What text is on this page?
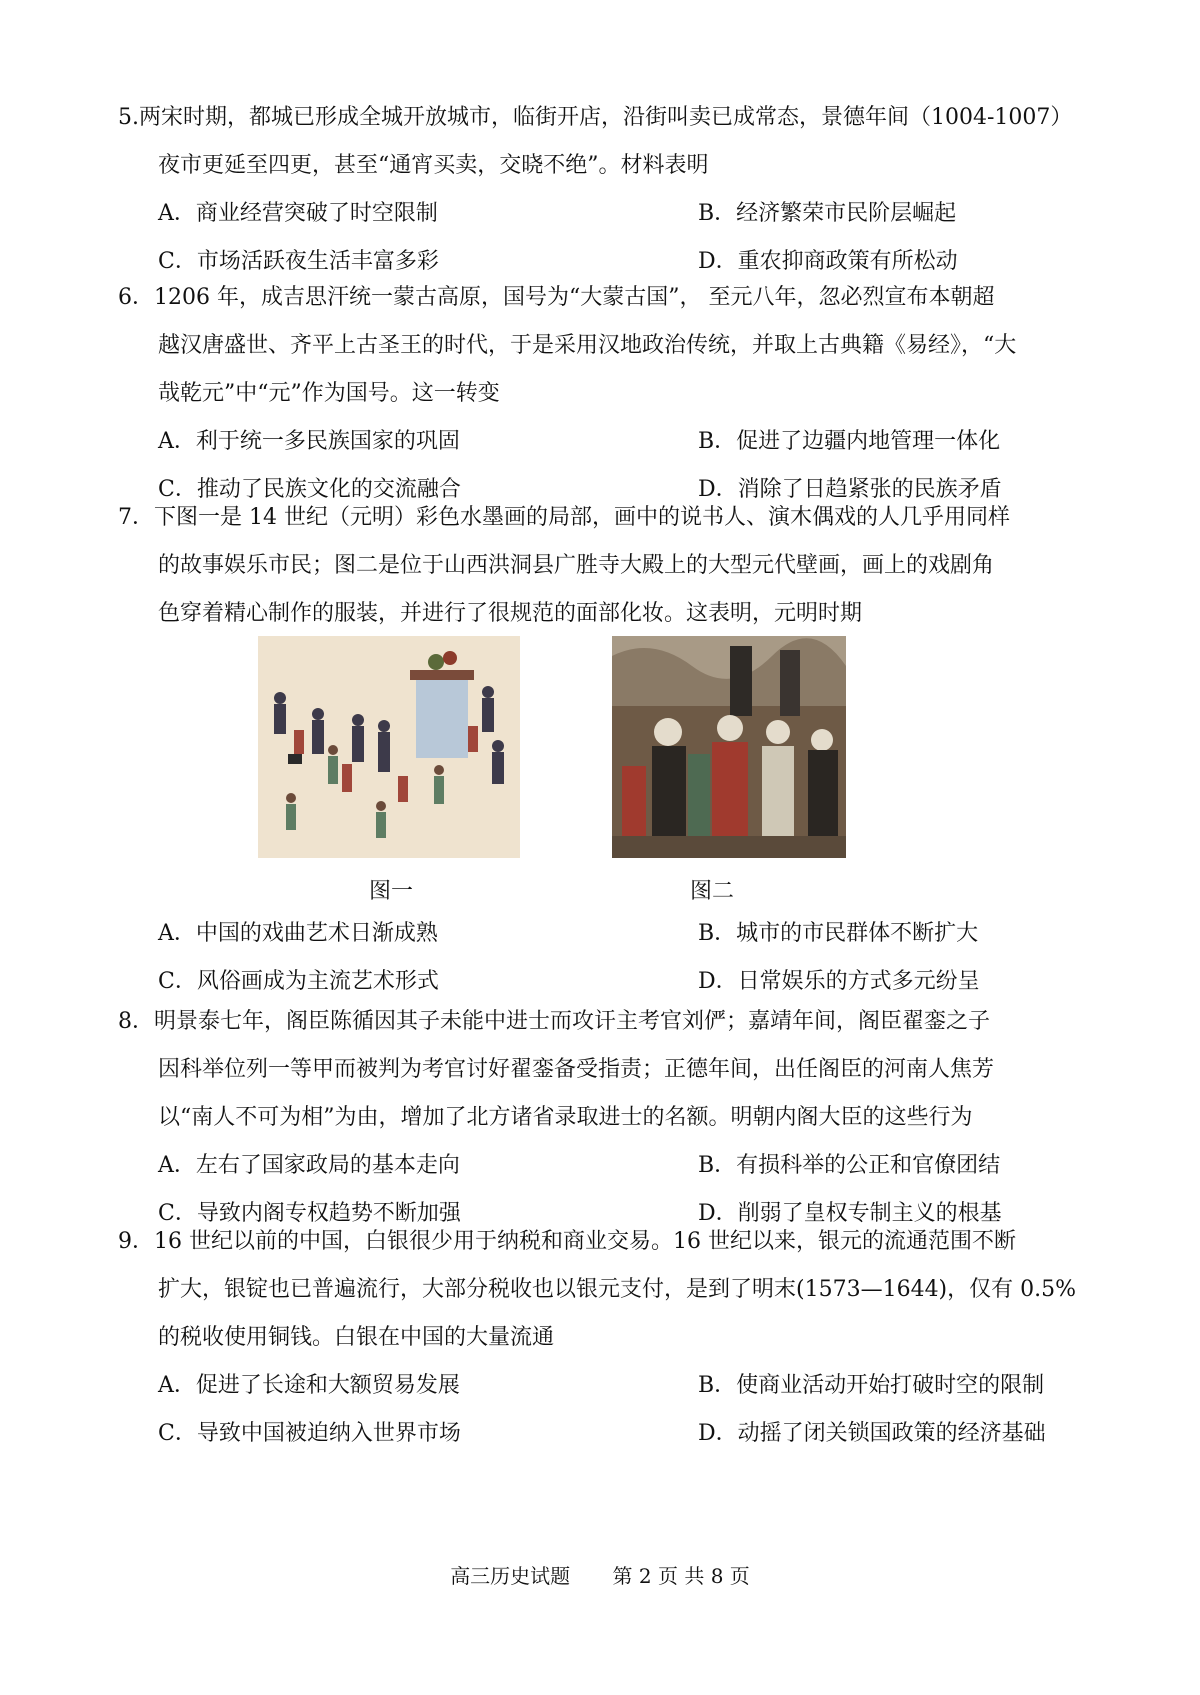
5.两宋时期，都城已形成全城开放城市，临街开店，沿街叫卖已成常态，景德年间（1004-1007）
夜市更延至四更，甚至“通宵买卖，交晓不绝”。材料表明

A．商业经营突破了时空限制	B．经济繁荣市民阶层崛起
C．市场活跃夜生活丰富多彩	D．重农抑商政策有所松动

6．1206 年，成吉思汗统一蒙古高原，国号为“大蒙古国”， 至元八年，忽必烈宣布本朝超
越汉唐盛世、齐平上古圣王的时代，于是采用汉地政治传统，并取上古典籍《易经》，“大
哉乾元”中“元”作为国号。这一转变

A．利于统一多民族国家的巩固	B．促进了边疆内地管理一体化
C．推动了民族文化的交流融合	D．消除了日趋紧张的民族矛盾

7．下图一是 14 世纪（元明）彩色水墨画的局部，画中的说书人、演木偶戏的人几乎用同样
的故事娱乐市民；图二是位于山西洪洞县广胜寺大殿上的大型元代壁画，画上的戏剧角
色穿着精心制作的服装，并进行了很规范的面部化妆。这表明，元明时期

图一	图二
A．中国的戏曲艺术日渐成熟	B．城市的市民群体不断扩大
C．风俗画成为主流艺术形式	D．日常娱乐的方式多元纷呈

8．明景泰七年，阁臣陈循因其子未能中进士而攻讦主考官刘俨；嘉靖年间，阁臣翟銮之子
因科举位列一等甲而被判为考官讨好翟銮备受指责；正德年间，出任阁臣的河南人焦芳
以“南人不可为相”为由，增加了北方诸省录取进士的名额。明朝内阁大臣的这些行为

A．左右了国家政局的基本走向	B．有损科举的公正和官僚团结
C．导致内阁专权趋势不断加强	D．削弱了皇权专制主义的根基

9．16 世纪以前的中国，白银很少用于纳税和商业交易。16 世纪以来，银元的流通范围不断
扩大，银锭也已普遍流行，大部分税收也以银元支付，是到了明末(1573—1644)，仅有 0.5%
的税收使用铜钱。白银在中国的大量流通

A．促进了长途和大额贸易发展	B．使商业活动开始打破时空的限制
C．导致中国被迫纳入世界市场	D．动摇了闭关锁国政策的经济基础
高三历史试题 第 2 页 共 8 页
